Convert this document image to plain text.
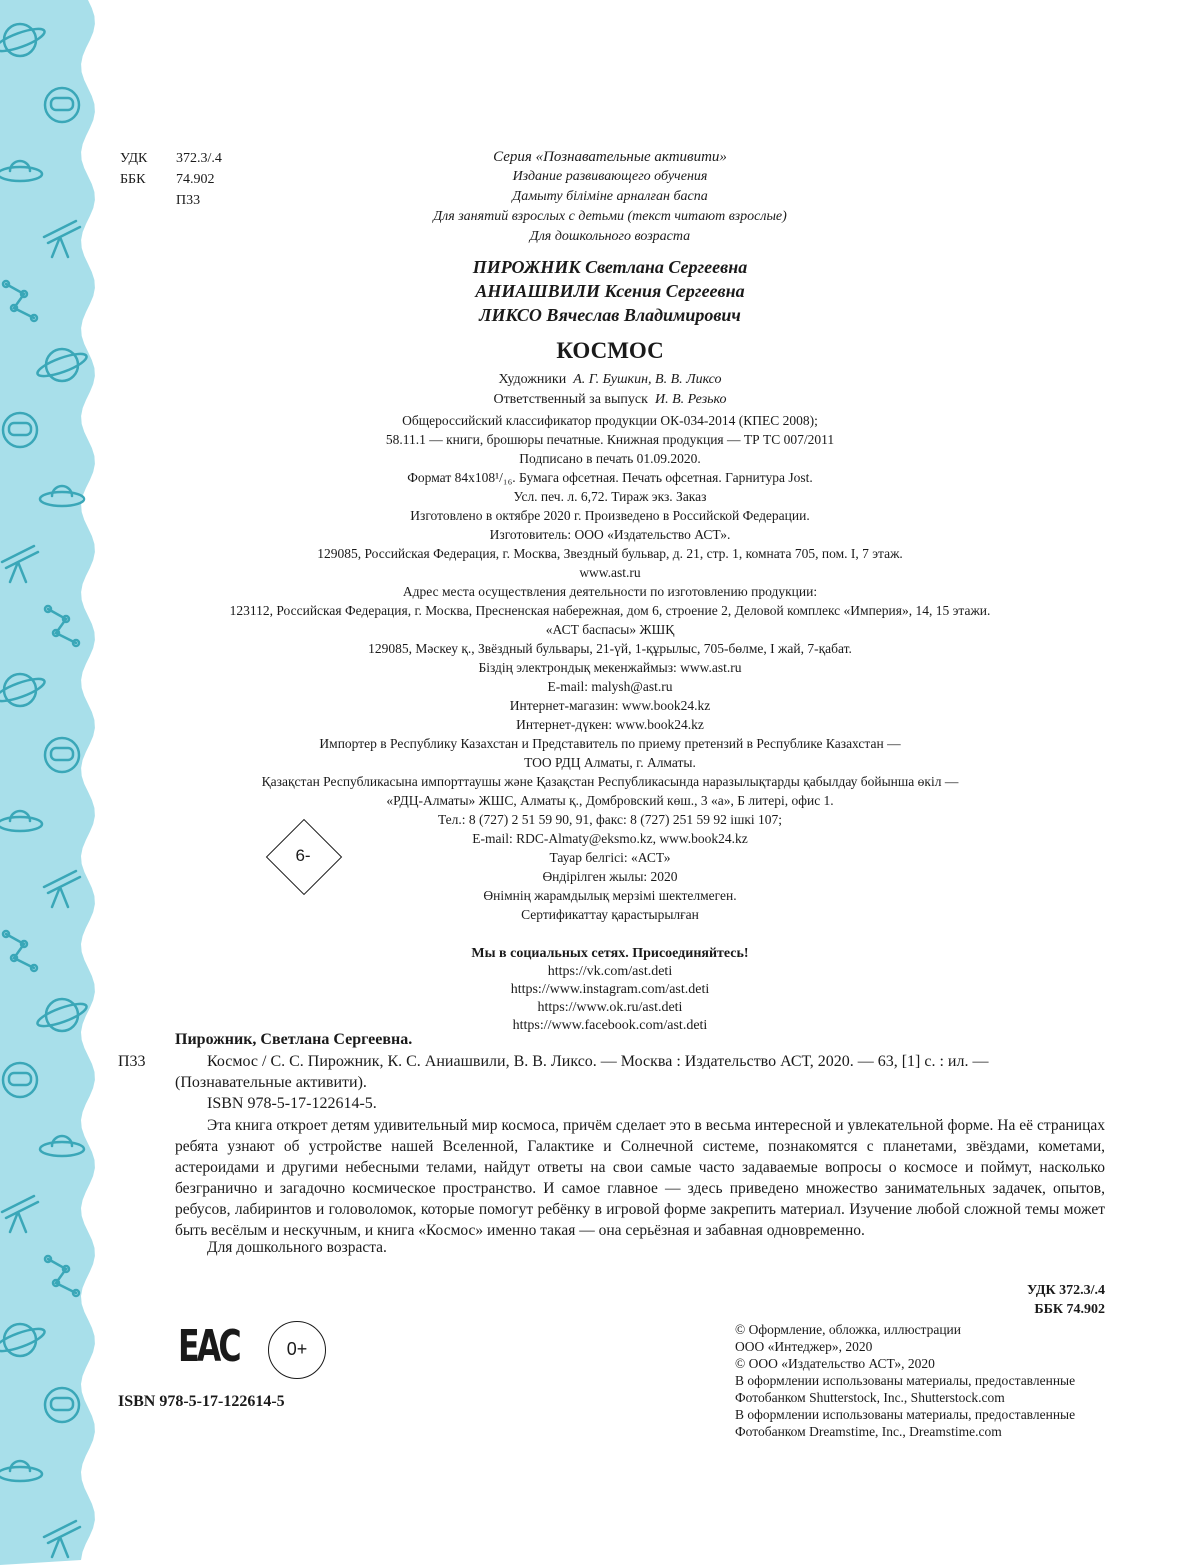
УДК 372.3/.4
ББК 74.902
П33
Серия «Познавательные активити»
Издание развивающего обучения
Дамыту біліміне арналған баспа
Для занятий взрослых с детьми (текст читают взрослые)
Для дошкольного возраста
ПИРОЖНИК Светлана Сергеевна
АНИАШВИЛИ Ксения Сергеевна
ЛИКСО Вячеслав Владимирович
КОСМОС
Художники А. Г. Бушкин, В. В. Ликсо
Ответственный за выпуск И. В. Резько
Общероссийский классификатор продукции ОК-034-2014 (КПЕС 2008);
58.11.1 — книги, брошюры печатные. Книжная продукция — ТР ТС 007/2011
Подписано в печать 01.09.2020.
Формат 84x108¹/₁₆. Бумага офсетная. Печать офсетная. Гарнитура Jost.
Усл. печ. л. 6,72. Тираж экз. Заказ
Изготовлено в октябре 2020 г. Произведено в Российской Федерации.
Изготовитель: ООО «Издательство АСТ».
129085, Российская Федерация, г. Москва, Звездный бульвар, д. 21, стр. 1, комната 705, пом. I, 7 этаж.
www.ast.ru
Адрес места осуществления деятельности по изготовлению продукции:
123112, Российская Федерация, г. Москва, Пресненская набережная, дом 6, строение 2, Деловой комплекс «Империя», 14, 15 этажи.
«АСТ баспасы» ЖШҚ
129085, Мәскеу қ., Звёздный бульвары, 21-үй, 1-құрылыс, 705-бөлме, I жай, 7-қабат.
Біздің электрондық мекенжаймыз: www.ast.ru
E-mail: malysh@ast.ru
Интернет-магазин: www.book24.kz
Интернет-дүкен: www.book24.kz
Импортер в Республику Казахстан и Представитель по приему претензий в Республике Казахстан —
ТОО РДЦ Алматы, г. Алматы.
Қазақстан Республикасына импорттаушы және Қазақстан Республикасында наразылықтарды қабылдау бойынша өкіл —
«РДЦ-Алматы» ЖШС, Алматы қ., Домбровский көш., 3 «а», Б литері, офис 1.
Тел.: 8 (727) 2 51 59 90, 91, факс: 8 (727) 251 59 92 ішкі 107;
E-mail: RDC-Almaty@eksmo.kz, www.book24.kz
Тауар белгісі: «АСТ»
Өндірілген жылы: 2020
Өнімнің жарамдылық мерзімі шектелмеген.
Сертификаттау қарастырылған
6-
Мы в социальных сетях. Присоединяйтесь!
https://vk.com/ast.deti
https://www.instagram.com/ast.deti
https://www.ok.ru/ast.deti
https://www.facebook.com/ast.deti
Пирожник, Светлана Сергеевна.
П33	Космос / С. С. Пирожник, К. С. Аниашвили, В. В. Ликсо. — Москва : Издательство АСТ, 2020. — 63, [1] с. : ил. —
(Познавательные активити).
ISBN 978-5-17-122614-5.
Эта книга откроет детям удивительный мир космоса, причём сделает это в весьма интересной и увлекательной форме. На её страницах ребята узнают об устройстве нашей Вселенной, Галактике и Солнечной системе, познакомятся с планетами, звёздами, кометами, астероидами и другими небесными телами, найдут ответы на свои самые часто задаваемые вопросы о космосе и поймут, насколько безгранично и загадочно космическое пространство. И самое главное — здесь приведено множество занимательных задачек, опытов, ребусов, лабиринтов и головоломок, которые помогут ребёнку в игровой форме закрепить материал. Изучение любой сложной темы может быть весёлым и нескучным, и книга «Космос» именно такая — она серьёзная и забавная одновременно.
Для дошкольного возраста.
УДК 372.3/.4
ББК 74.902
© Оформление, обложка, иллюстрации
ООО «Интеджер», 2020
© ООО «Издательство АСТ», 2020
В оформлении использованы материалы, предоставленные
Фотобанком Shutterstock, Inc., Shutterstock.com
В оформлении использованы материалы, предоставленные
Фотобанком Dreamstime, Inc., Dreamstime.com
ЕАС	0+
ISBN 978-5-17-122614-5
